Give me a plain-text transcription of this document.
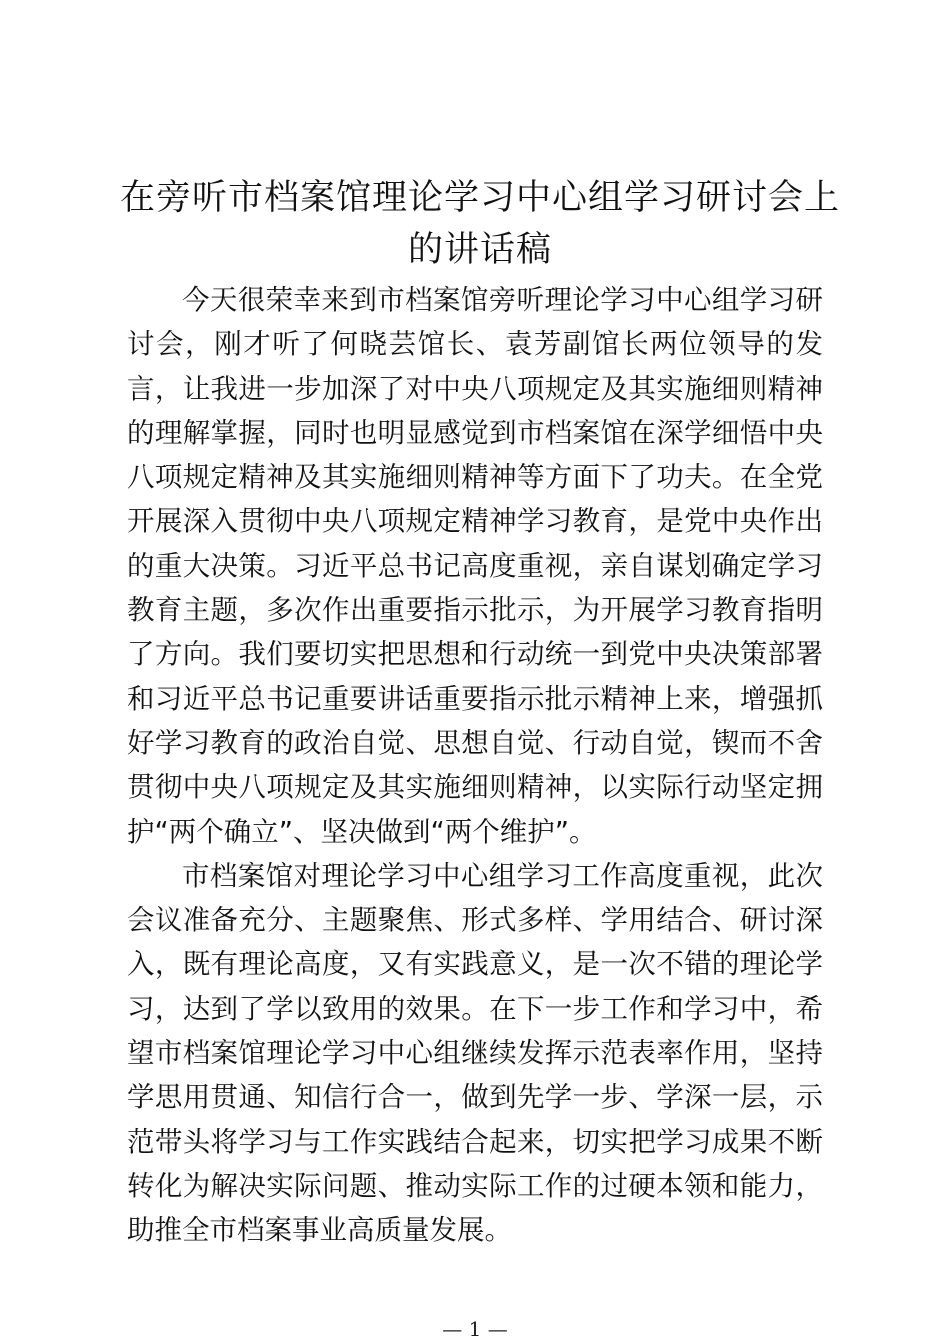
在旁听市档案馆理论学习中心组学习研讨会上的讲话稿

今天很荣幸来到市档案馆旁听理论学习中心组学习研讨会，刚才听了何晓芸馆长、袁芳副馆长两位领导的发言，让我进一步加深了对中央八项规定及其实施细则精神的理解掌握，同时也明显感觉到市档案馆在深学细悟中央八项规定精神及其实施细则精神等方面下了功夫。在全党开展深入贯彻中央八项规定精神学习教育，是党中央作出的重大决策。习近平总书记高度重视，亲自谋划确定学习教育主题，多次作出重要指示批示，为开展学习教育指明了方向。我们要切实把思想和行动统一到党中央决策部署和习近平总书记重要讲话重要指示批示精神上来，增强抓好学习教育的政治自觉、思想自觉、行动自觉，锲而不舍贯彻中央八项规定及其实施细则精神，以实际行动坚定拥护“两个确立”、坚决做到“两个维护”。

市档案馆对理论学习中心组学习工作高度重视，此次会议准备充分、主题聚焦、形式多样、学用结合、研讨深入，既有理论高度，又有实践意义，是一次不错的理论学习，达到了学以致用的效果。在下一步工作和学习中，希望市档案馆理论学习中心组继续发挥示范表率作用，坚持学思用贯通、知信行合一，做到先学一步、学深一层，示范带头将学习与工作实践结合起来，切实把学习成果不断转化为解决实际问题、推动实际工作的过硬本领和能力，助推全市档案事业高质量发展。

— 1 —
